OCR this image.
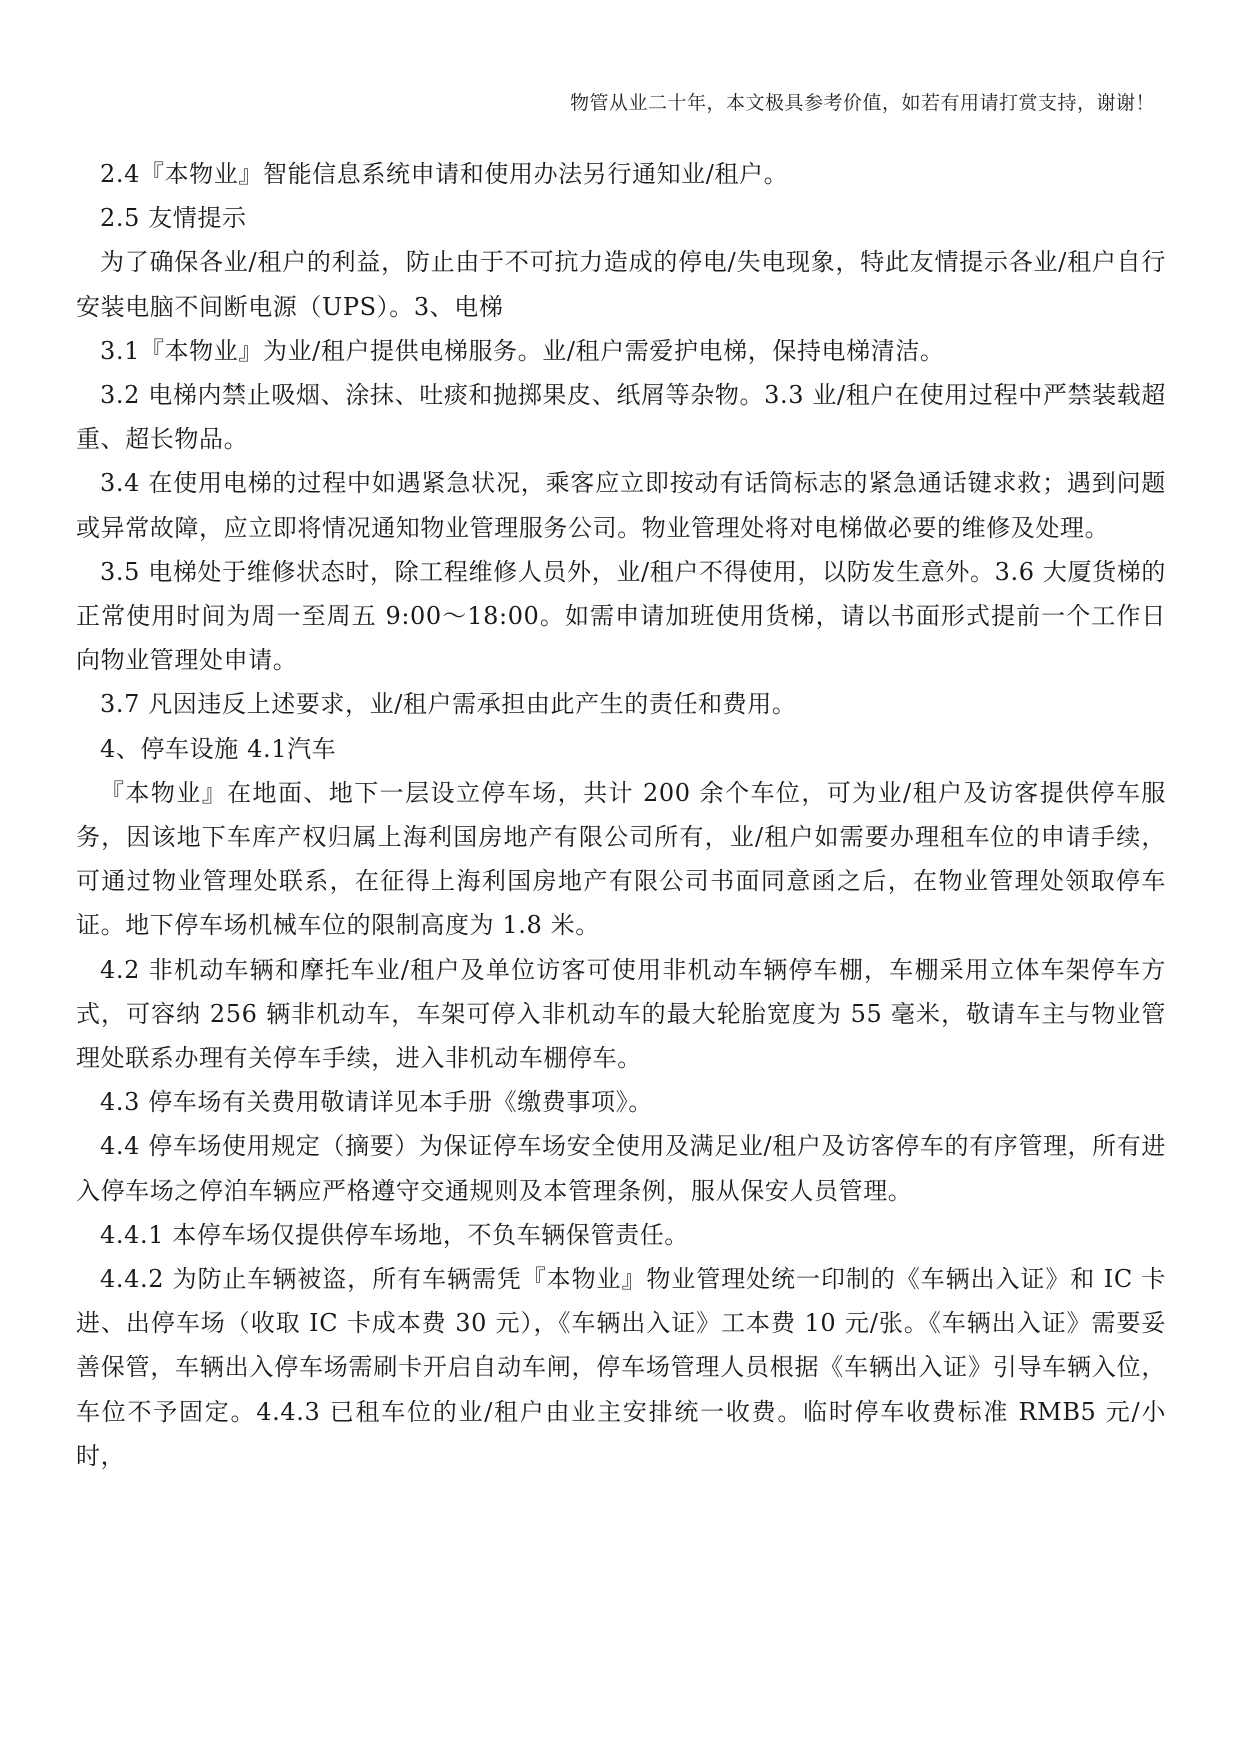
物管从业二十年，本文极具参考价值，如若有用请打赏支持，谢谢！

2.4『本物业』智能信息系统申请和使用办法另行通知业/租户。

2.5 友情提示

为了确保各业/租户的利益，防止由于不可抗力造成的停电/失电现象，特此友情提示各业/租户自行安装电脑不间断电源（UPS）。3、电梯

3.1『本物业』为业/租户提供电梯服务。业/租户需爱护电梯，保持电梯清洁。

3.2 电梯内禁止吸烟、涂抹、吐痰和抛掷果皮、纸屑等杂物。3.3 业/租户在使用过程中严禁装载超重、超长物品。

3.4 在使用电梯的过程中如遇紧急状况，乘客应立即按动有话筒标志的紧急通话键求救；遇到问题或异常故障，应立即将情况通知物业管理服务公司。物业管理处将对电梯做必要的维修及处理。

3.5 电梯处于维修状态时，除工程维修人员外，业/租户不得使用，以防发生意外。3.6 大厦货梯的正常使用时间为周一至周五 9:00～18:00。如需申请加班使用货梯，请以书面形式提前一个工作日向物业管理处申请。

3.7 凡因违反上述要求，业/租户需承担由此产生的责任和费用。

4、停车设施 4.1汽车

『本物业』在地面、地下一层设立停车场，共计 200 余个车位，可为业/租户及访客提供停车服务，因该地下车库产权归属上海利国房地产有限公司所有，业/租户如需要办理租车位的申请手续，可通过物业管理处联系，在征得上海利国房地产有限公司书面同意函之后，在物业管理处领取停车证。地下停车场机械车位的限制高度为 1.8 米。

4.2 非机动车辆和摩托车业/租户及单位访客可使用非机动车辆停车棚，车棚采用立体车架停车方式，可容纳 256 辆非机动车，车架可停入非机动车的最大轮胎宽度为 55 毫米，敬请车主与物业管理处联系办理有关停车手续，进入非机动车棚停车。

4.3 停车场有关费用敬请详见本手册《缴费事项》。

4.4 停车场使用规定（摘要）为保证停车场安全使用及满足业/租户及访客停车的有序管理，所有进入停车场之停泊车辆应严格遵守交通规则及本管理条例，服从保安人员管理。

4.4.1 本停车场仅提供停车场地，不负车辆保管责任。

4.4.2 为防止车辆被盗，所有车辆需凭『本物业』物业管理处统一印制的《车辆出入证》和 IC 卡进、出停车场（收取 IC 卡成本费 30 元），《车辆出入证》工本费 10 元/张。《车辆出入证》需要妥善保管，车辆出入停车场需刷卡开启自动车闸，停车场管理人员根据《车辆出入证》引导车辆入位，车位不予固定。4.4.3 已租车位的业/租户由业主安排统一收费。临时停车收费标准 RMB5 元/小时，
